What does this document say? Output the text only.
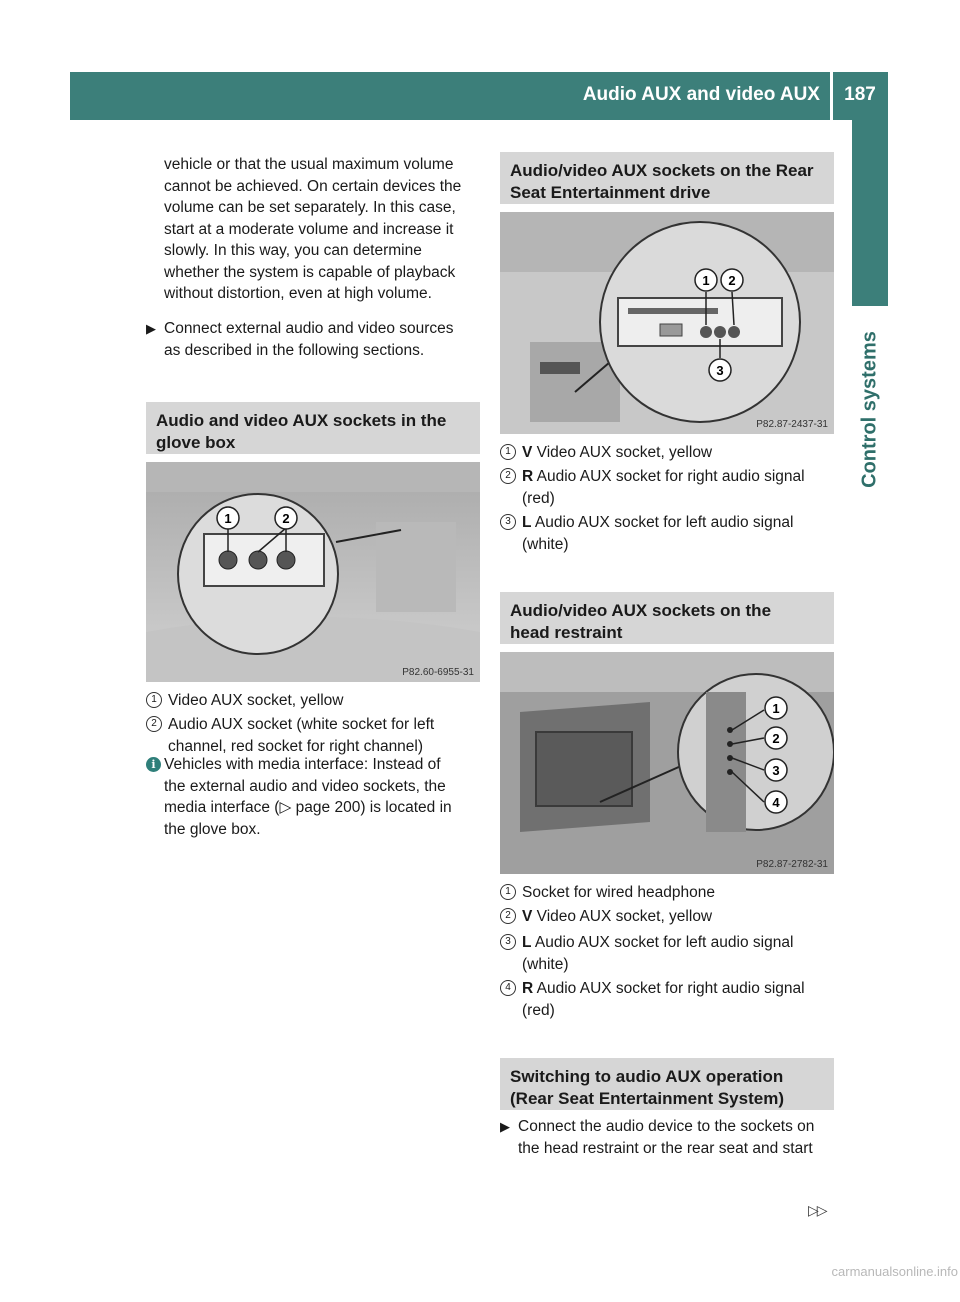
Audio AUX and video AUX	187
Control systems
vehicle or that the usual maximum volume
cannot be achieved. On certain devices the
volume can be set separately. In this case,
start at a moderate volume and increase it
slowly. In this way, you can determine
whether the system is capable of playback
without distortion, even at high volume.
▶ Connect external audio and video sources
as described in the following sections.
Audio and video AUX sockets in the
glove box
1	2
P82.60-6955-31
1 Video AUX socket, yellow
2 Audio AUX socket (white socket for left
channel, red socket for right channel)
i Vehicles with media interface: Instead of
the external audio and video sockets, the
media interface (▷ page 200) is located in
the glove box.
Audio/video AUX sockets on the Rear
Seat Entertainment drive
1 2
3
P82.87-2437-31
1 V Video AUX socket, yellow
2 R Audio AUX socket for right audio signal
(red)
3 L Audio AUX socket for left audio signal
(white)
Audio/video AUX sockets on the
head restraint
1
2
3
4
P82.87-2782-31
1 Socket for wired headphone
2 V Video AUX socket, yellow
3 L Audio AUX socket for left audio signal
(white)
4 R Audio AUX socket for right audio signal
(red)
Switching to audio AUX operation
(Rear Seat Entertainment System)
▶ Connect the audio device to the sockets on
the head restraint or the rear seat and start
▷▷
carmanualsonline.info
